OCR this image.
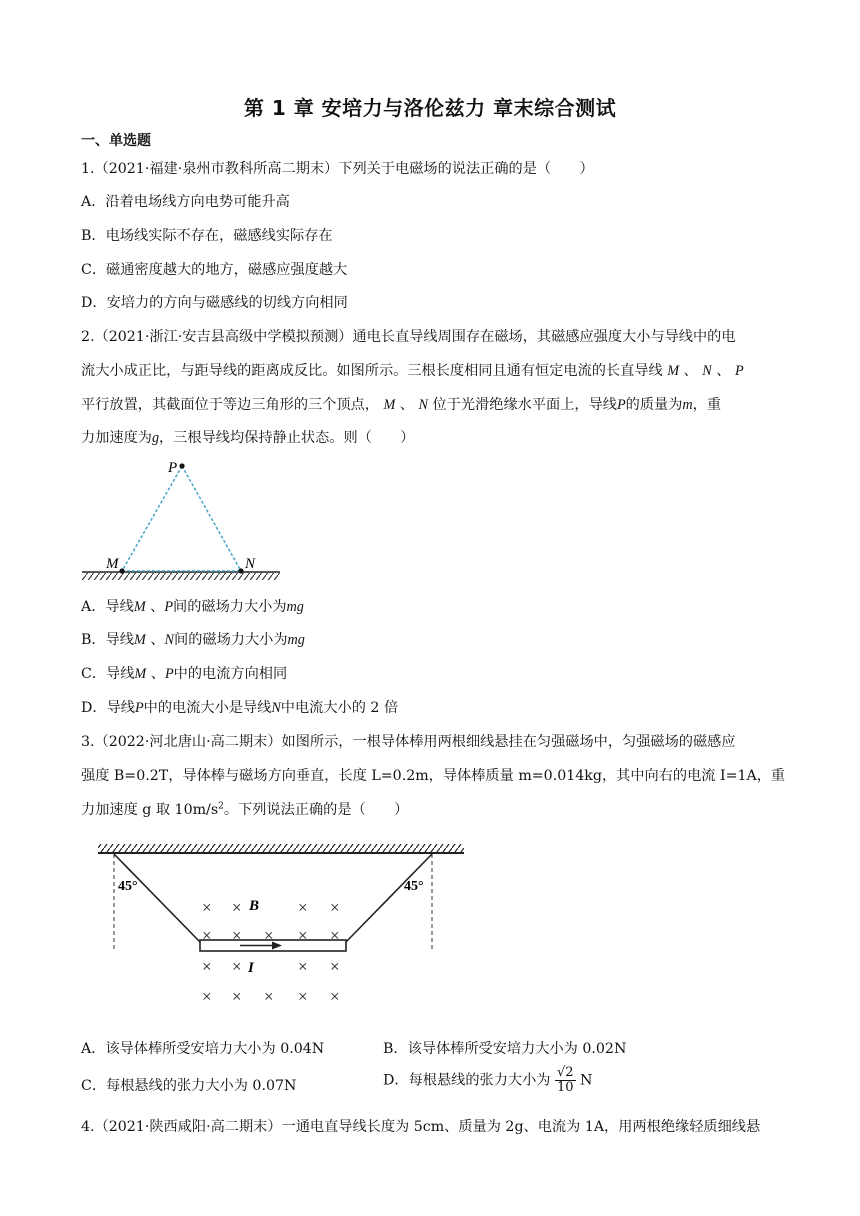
第 1 章 安培力与洛伦兹力 章末综合测试
一、单选题
1.（2021·福建·泉州市教科所高二期末）下列关于电磁场的说法正确的是（　　）
A．沿着电场线方向电势可能升高
B．电场线实际不存在，磁感线实际存在
C．磁通密度越大的地方，磁感应强度越大
D．安培力的方向与磁感线的切线方向相同
2.（2021·浙江·安吉县高级中学模拟预测）通电长直导线周围存在磁场，其磁感应强度大小与导线中的电
流大小成正比，与距导线的距离成反比。如图所示。三根长度相同且通有恒定电流的长直导线 M 、 N 、 P
平行放置，其截面位于等边三角形的三个顶点， M 、 N 位于光滑绝缘水平面上，导线P的质量为m，重
力加速度为g，三根导线均保持静止状态。则（　　）
P
M	N
A．导线M 、P间的磁场力大小为mg
B．导线M 、N间的磁场力大小为mg
C．导线M 、P中的电流方向相同
D．导线P中的电流大小是导线N中电流大小的 2 倍
3.（2022·河北唐山·高二期末）如图所示，一根导体棒用两根细线悬挂在匀强磁场中，匀强磁场的磁感应
强度 B=0.2T，导体棒与磁场方向垂直，长度 L=0.2m，导体棒质量 m=0.014kg，其中向右的电流 I=1A，重
力加速度 g 取 $10m/s^2$。下列说法正确的是（　　）
45°	45°
× ×	× ×
× × × × ×
× ×	× ×
× × × × ×
B
I
A．该导体棒所受安培力大小为 0.04N	B．该导体棒所受安培力大小为 0.02N
C．每根悬线的张力大小为 0.07N	D．每根悬线的张力大小为 $\frac{√2}{10}$ N
4.（2021·陕西咸阳·高二期末）一通电直导线长度为 5cm、质量为 2g、电流为 1A，用两根绝缘轻质细线悬
